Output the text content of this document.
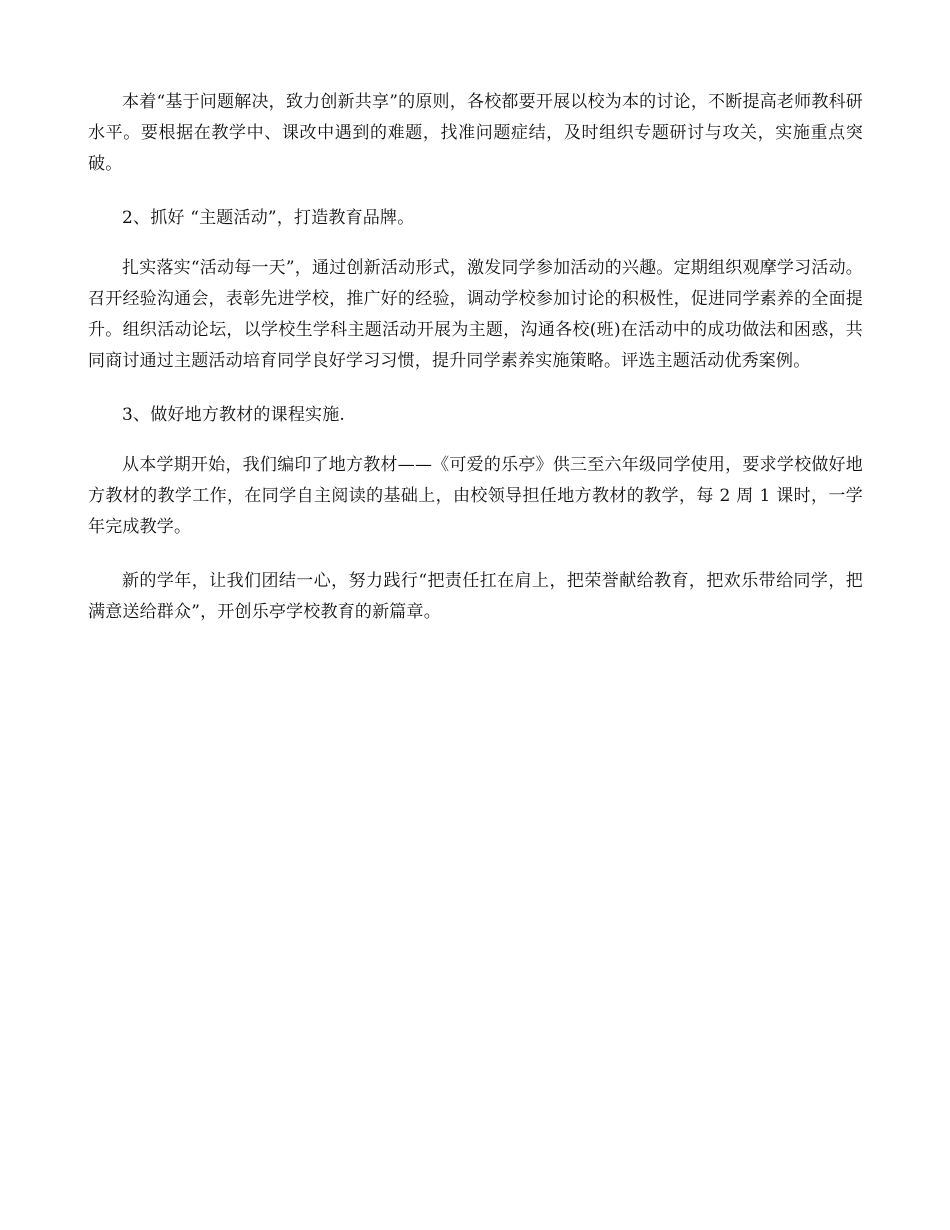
本着“基于问题解决，致力创新共享”的原则，各校都要开展以校为本的讨论，不断提高老师教科研水平。要根据在教学中、课改中遇到的难题，找准问题症结，及时组织专题研讨与攻关，实施重点突破。

2、抓好 “主题活动”，打造教育品牌。

扎实落实“活动每一天”，通过创新活动形式，激发同学参加活动的兴趣。定期组织观摩学习活动。召开经验沟通会，表彰先进学校，推广好的经验，调动学校参加讨论的积极性，促进同学素养的全面提升。组织活动论坛，以学校生学科主题活动开展为主题，沟通各校(班)在活动中的成功做法和困惑，共同商讨通过主题活动培育同学良好学习习惯，提升同学素养实施策略。评选主题活动优秀案例。

3、做好地方教材的课程实施.

从本学期开始，我们编印了地方教材——《可爱的乐亭》供三至六年级同学使用，要求学校做好地方教材的教学工作，在同学自主阅读的基础上，由校领导担任地方教材的教学，每 2 周 1 课时，一学年完成教学。

新的学年，让我们团结一心，努力践行“把责任扛在肩上，把荣誉献给教育，把欢乐带给同学，把满意送给群众”，开创乐亭学校教育的新篇章。
